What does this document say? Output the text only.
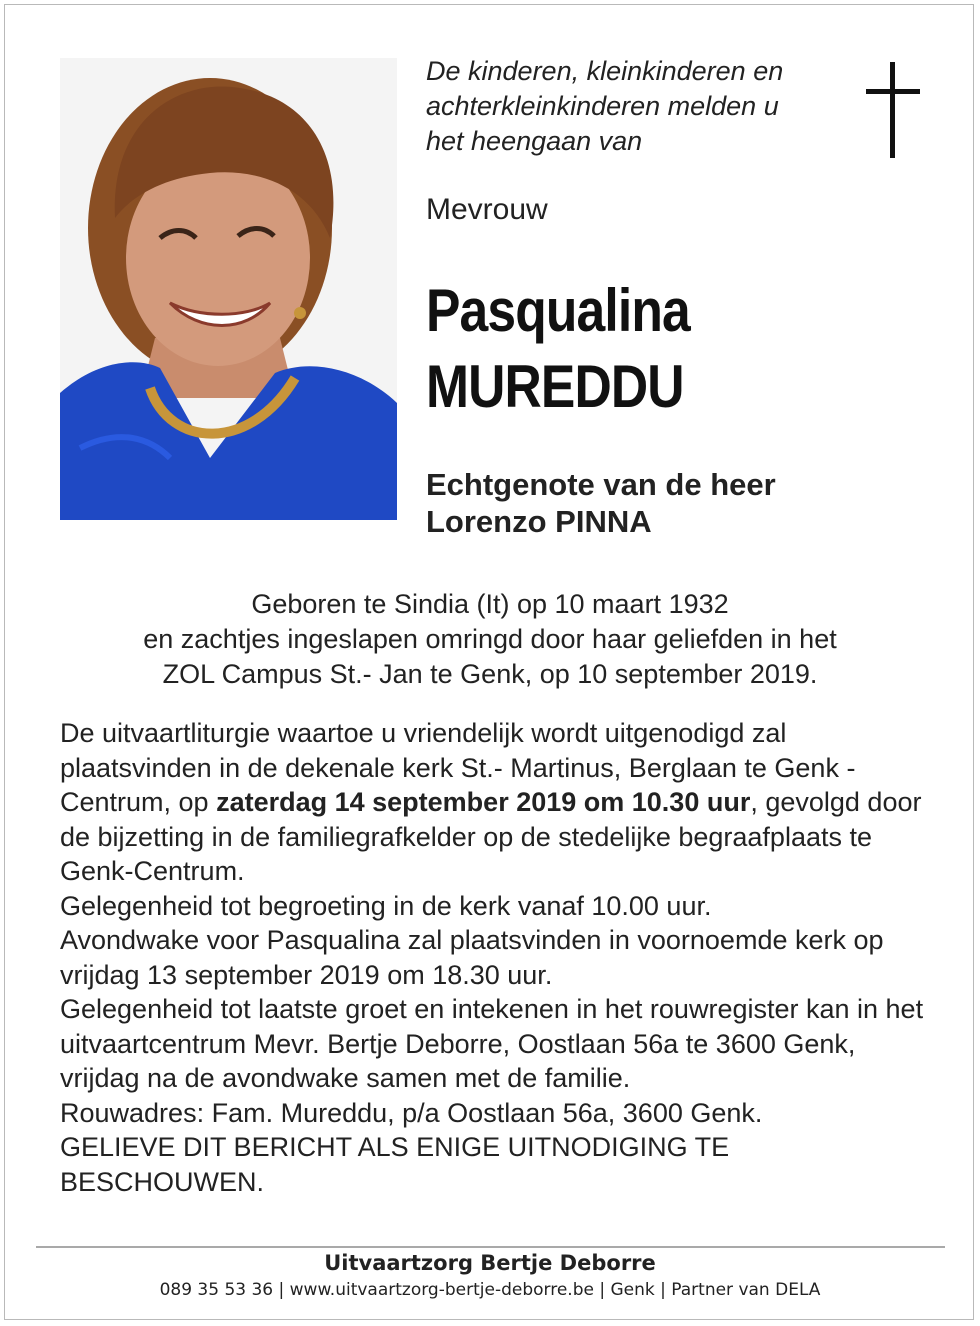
De kinderen, kleinkinderen en
achterkleinkinderen melden u
het heengaan van
Mevrouw
Pasqualina
MUREDDU
Echtgenote van de heer
Lorenzo PINNA
Geboren te Sindia (It) op 10 maart 1932
en zachtjes ingeslapen omringd door haar geliefden in het
ZOL Campus St.- Jan te Genk, op 10 september 2019.

De uitvaartliturgie waartoe u vriendelijk wordt uitgenodigd zal plaatsvinden in de dekenale kerk St.- Martinus, Berglaan te Genk - Centrum, op zaterdag 14 september 2019 om 10.30 uur, gevolgd door de bijzetting in de familiegrafkelder op de stedelijke begraafplaats te Genk-Centrum.

Gelegenheid tot begroeting in de kerk vanaf 10.00 uur.

Avondwake voor Pasqualina zal plaatsvinden in voornoemde kerk op vrijdag 13 september 2019 om 18.30 uur.

Gelegenheid tot laatste groet en intekenen in het rouwregister kan in het uitvaartcentrum Mevr. Bertje Deborre, Oostlaan 56a te 3600 Genk, vrijdag na de avondwake samen met de familie.

Rouwadres: Fam. Mureddu, p/a Oostlaan 56a, 3600 Genk.

GELIEVE DIT BERICHT ALS ENIGE UITNODIGING TE BESCHOUWEN.

Uitvaartzorg Bertje Deborre
089 35 53 36 | www.uitvaartzorg-bertje-deborre.be | Genk | Partner van DELA
